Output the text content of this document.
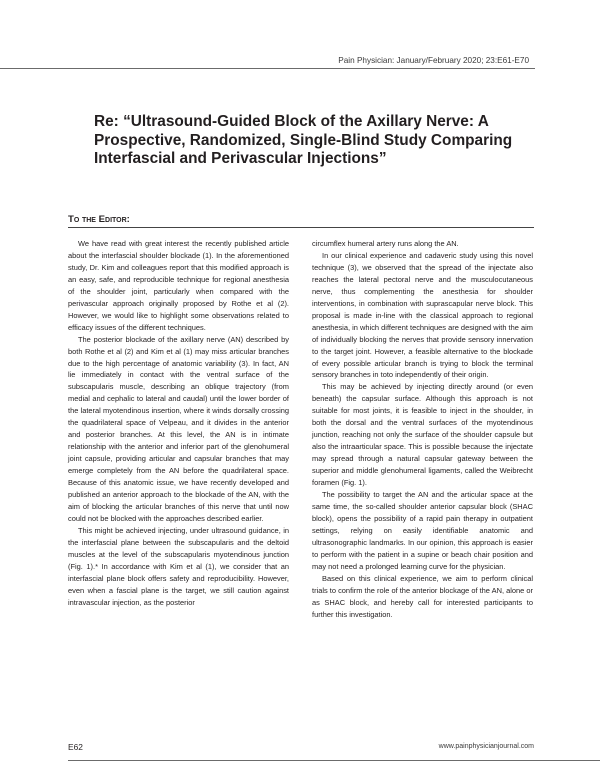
Pain Physician: January/February 2020; 23:E61-E70
Re: “Ultrasound-Guided Block of the Axillary Nerve: A Prospective, Randomized, Single-Blind Study Comparing Interfascial and Perivascular Injections”
To the Editor:

We have read with great interest the recently published article about the interfascial shoulder blockade (1). In the aforementioned study, Dr. Kim and colleagues report that this modified approach is an easy, safe, and reproducible technique for regional anesthesia of the shoulder joint, particularly when compared with the perivascular approach originally proposed by Rothe et al (2). However, we would like to highlight some observations related to efficacy issues of the different techniques.

The posterior blockade of the axillary nerve (AN) described by both Rothe et al (2) and Kim et al (1) may miss articular branches due to the high percentage of anatomic variability (3). In fact, AN lie immediately in contact with the ventral surface of the subscapularis muscle, describing an oblique trajectory (from medial and cephalic to lateral and caudal) until the lower border of the lateral myotendinous insertion, where it winds dorsally crossing the quadrilateral space of Velpeau, and it divides in the anterior and posterior branches. At this level, the AN is in intimate relationship with the anterior and inferior part of the glenohumeral joint capsule, providing articular and capsular branches that may emerge completely from the AN before the quadrilateral space. Because of this anatomic issue, we have recently developed and published an anterior approach to the blockade of the AN, with the aim of blocking the articular branches of this nerve that until now could not be blocked with the approaches described earlier.

This might be achieved injecting, under ultrasound guidance, in the interfascial plane between the subscapularis and the deltoid muscles at the level of the subscapularis myotendinous junction (Fig. 1).* In accordance with Kim et al (1), we consider that an interfascial plane block offers safety and reproducibility. However, even when a fascial plane is the target, we still caution against intravascular injection, as the posterior

circumflex humeral artery runs along the AN.

In our clinical experience and cadaveric study using this novel technique (3), we observed that the spread of the injectate also reaches the lateral pectoral nerve and the musculocutaneous nerve, thus complementing the anesthesia for shoulder interventions, in combination with suprascapular nerve block. This proposal is made in-line with the classical approach to regional anesthesia, in which different techniques are designed with the aim of individually blocking the nerves that provide sensory innervation to the target joint. However, a feasible alternative to the blockade of every possible articular branch is trying to block the terminal sensory branches in toto independently of their origin.

This may be achieved by injecting directly around (or even beneath) the capsular surface. Although this approach is not suitable for most joints, it is feasible to inject in the shoulder, in both the dorsal and the ventral surfaces of the myotendinous junction, reaching not only the surface of the shoulder capsule but also the intraarticular space. This is possible because the injectate may spread through a natural capsular gateway between the superior and middle glenohumeral ligaments, called the Weibrecht foramen (Fig. 1).

The possibility to target the AN and the articular space at the same time, the so-called shoulder anterior capsular block (SHAC block), opens the possibility of a rapid pain therapy in outpatient settings, relying on easily identifiable anatomic and ultrasonographic landmarks. In our opinion, this approach is easier to perform with the patient in a supine or beach chair position and may not need a prolonged learning curve for the physician.

Based on this clinical experience, we aim to perform clinical trials to confirm the role of the anterior blockage of the AN, alone or as SHAC block, and hereby call for interested participants to further this investigation.

E62	www.painphysicianjournal.com
